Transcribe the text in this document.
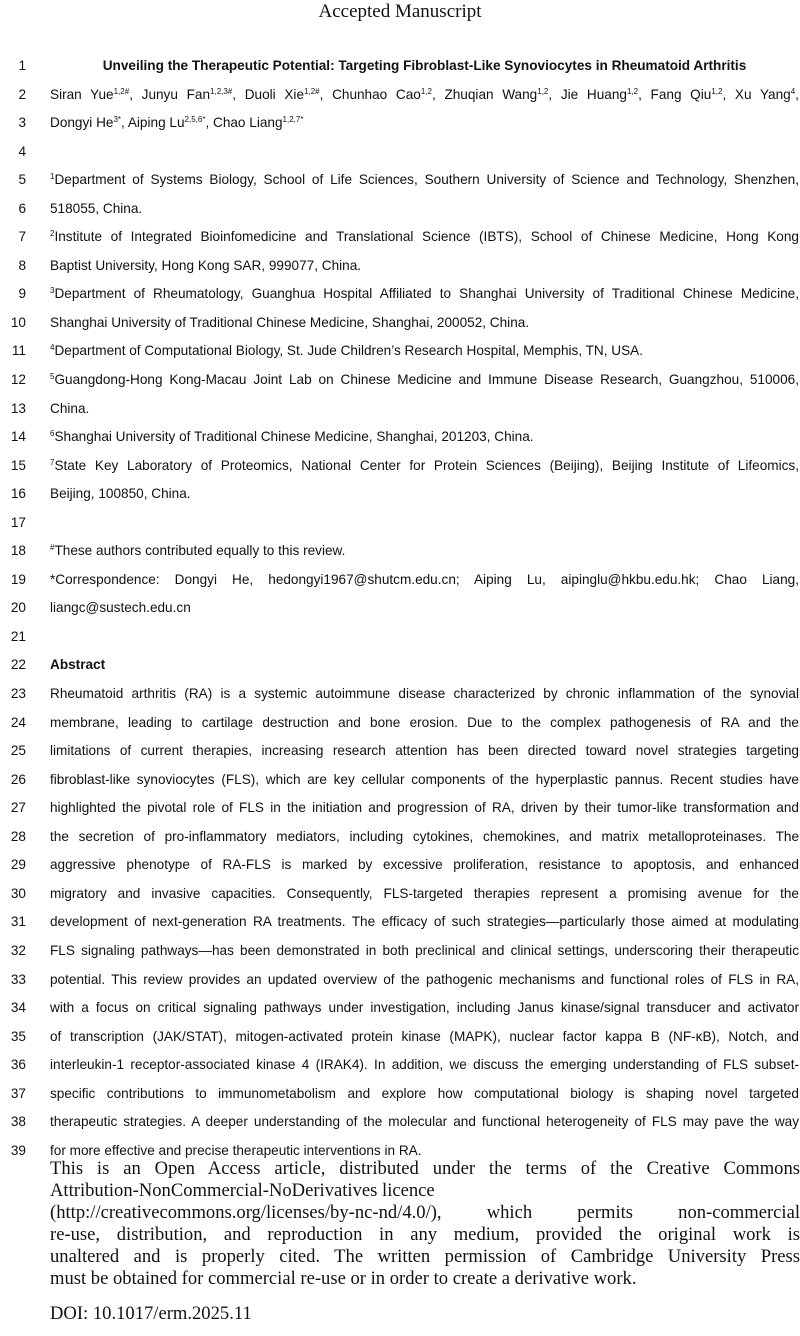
Accepted Manuscript
1	Unveiling the Therapeutic Potential: Targeting Fibroblast-Like Synoviocytes in Rheumatoid Arthritis
2 Siran Yue$^{1,2\#}$, Junyu Fan$^{1,2,3\#}$, Duoli Xie$^{1,2\#}$, Chunhao Cao$^{1,2}$, Zhuqian Wang$^{1,2}$, Jie Huang$^{1,2}$, Fang Qiu$^{1,2}$, Xu Yang$^4$,
3 Dongyi $He^{3*}$, Aiping $Lu^{2,5,6*}$, Chao Liang$^{1,2,7*}$
4
5	$^1$Department of Systems Biology, School of Life Sciences, Southern University of Science and Technology, Shenzhen,
6 518055, China.
7	$^2$Institute of Integrated Bioinfomedicine and Translational Science (IBTS), School of Chinese Medicine, Hong Kong
8 Baptist University, Hong Kong SAR, 999077, China.
9	$^3$Department of Rheumatology, Guanghua Hospital Affiliated to Shanghai University of Traditional Chinese Medicine,
10 Shanghai University of Traditional Chinese Medicine, Shanghai, 200052, China.
11	$^4$Department of Computational Biology, St. Jude Children’s Research Hospital, Memphis, TN, USA.
12	$^5$Guangdong-Hong Kong-Macau Joint Lab on Chinese Medicine and Immune Disease Research, Guangzhou, 510006,
13 China.
14	$^6$Shanghai University of Traditional Chinese Medicine, Shanghai, 201203, China.
15	$^7$State Key Laboratory of Proteomics, National Center for Protein Sciences (Beijing), Beijing Institute of Lifeomics,
16 Beijing, 100850, China.
17
18	#These authors contributed equally to this review.
19 *Correspondence: Dongyi He, hedongyi1967@shutcm.edu.cn; Aiping Lu, aipinglu@hkbu.edu.hk; Chao Liang,
20 liangc@sustech.edu.cn
21
22 Abstract
23 Rheumatoid arthritis (RA) is a systemic autoimmune disease characterized by chronic inflammation of the synovial
24 membrane, leading to cartilage destruction and bone erosion. Due to the complex pathogenesis of RA and the
25 limitations of current therapies, increasing research attention has been directed toward novel strategies targeting
26 fibroblast-like synoviocytes (FLS), which are key cellular components of the hyperplastic pannus. Recent studies have
27 highlighted the pivotal role of FLS in the initiation and progression of RA, driven by their tumor-like transformation and
28 the secretion of pro-inflammatory mediators, including cytokines, chemokines, and matrix metalloproteinases. The
29 aggressive phenotype of RA-FLS is marked by excessive proliferation, resistance to apoptosis, and enhanced
30 migratory and invasive capacities. Consequently, FLS-targeted therapies represent a promising avenue for the
31 development of next-generation RA treatments. The efficacy of such strategies—particularly those aimed at modulating
32 FLS signaling pathways—has been demonstrated in both preclinical and clinical settings, underscoring their therapeutic
33 potential. This review provides an updated overview of the pathogenic mechanisms and functional roles of FLS in RA,
34 with a focus on critical signaling pathways under investigation, including Janus kinase/signal transducer and activator
35 of transcription (JAK/STAT), mitogen-activated protein kinase (MAPK), nuclear factor kappa B (NF-κB), Notch, and
36 interleukin-1 receptor-associated kinase 4 (IRAK4). In addition, we discuss the emerging understanding of FLS subset-
37 specific contributions to immunometabolism and explore how computational biology is shaping novel targeted
38 therapeutic strategies. A deeper understanding of the molecular and functional heterogeneity of FLS may pave the way
39 for more effective and precise therapeutic interventions in RA.
This is an Open Access article, distributed under the terms of the Creative Commons
Attribution-NonCommercial-NoDerivatives licence
(http://creativecommons.org/licenses/by-nc-nd/4.0/), which permits non-commercial
re-use, distribution, and reproduction in any medium, provided the original work is
unaltered and is properly cited. The written permission of Cambridge University Press
must be obtained for commercial re-use or in order to create a derivative work.
DOI: 10.1017/erm.2025.11
